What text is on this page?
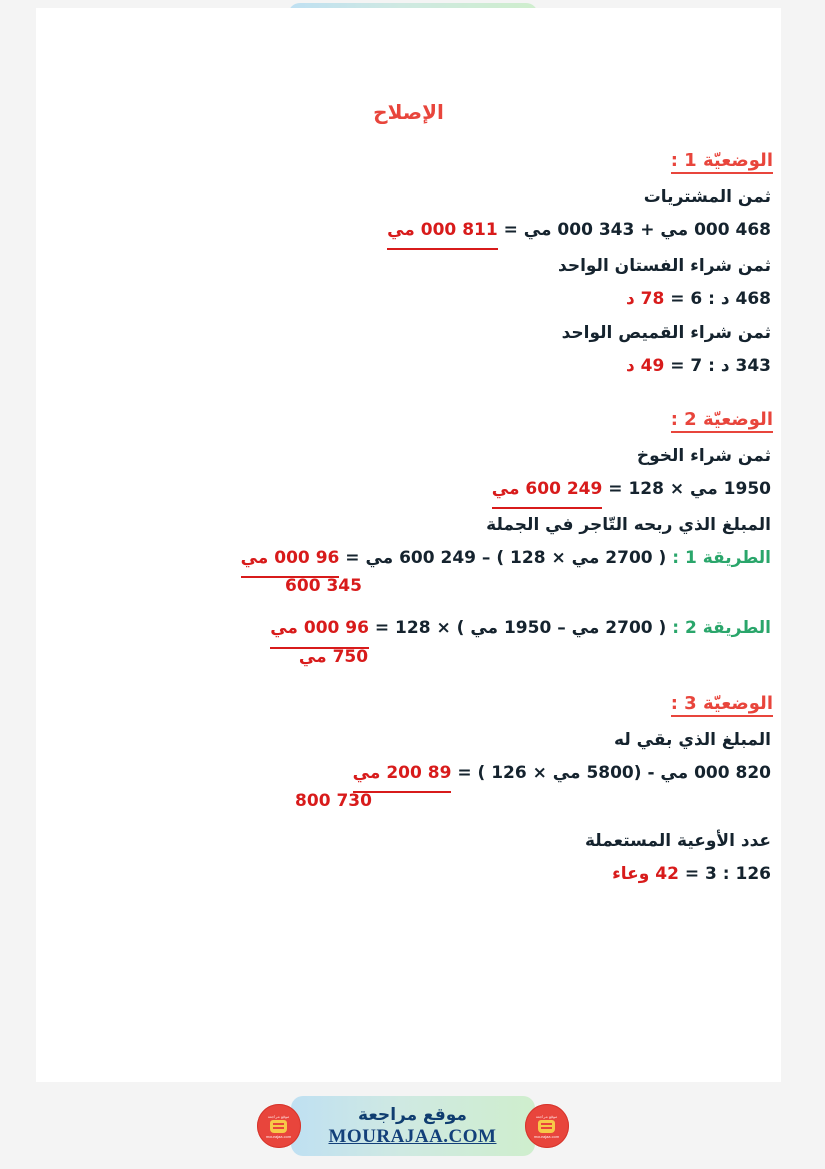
الإصلاح
الوضعيّة 1 :
ثمن المشتريات
468 000 مي + 343 000 مي = 811 000 مي
ثمن شراء الفستان الواحد
468 د : 6 = 78 د
ثمن شراء القميص الواحد
343 د : 7 = 49 د
الوضعيّة 2 :
ثمن شراء الخوخ
1950 مي × 128 = 249 600 مي
المبلغ الذي ربحه التّاجر في الجملة
الطريقة 1 : ( 2700 مي × 128 ) – 249 600 مي = 96 000 مي
345 600
الطريقة 2 : ( 2700 مي – 1950 مي ) × 128 = 96 000 مي
750 مي
الوضعيّة 3 :
المبلغ الذي بقي له
820 000 مي - (5800 مي × 126 ) = 89 200 مي
730 800
عدد الأوعية المستعملة
126 : 3 = 42 وعاء
موقع مراجعة
mourajaa.com
موقع مراجعة
MOURAJAA.COM
موقع مراجعة
mourajaa.com
